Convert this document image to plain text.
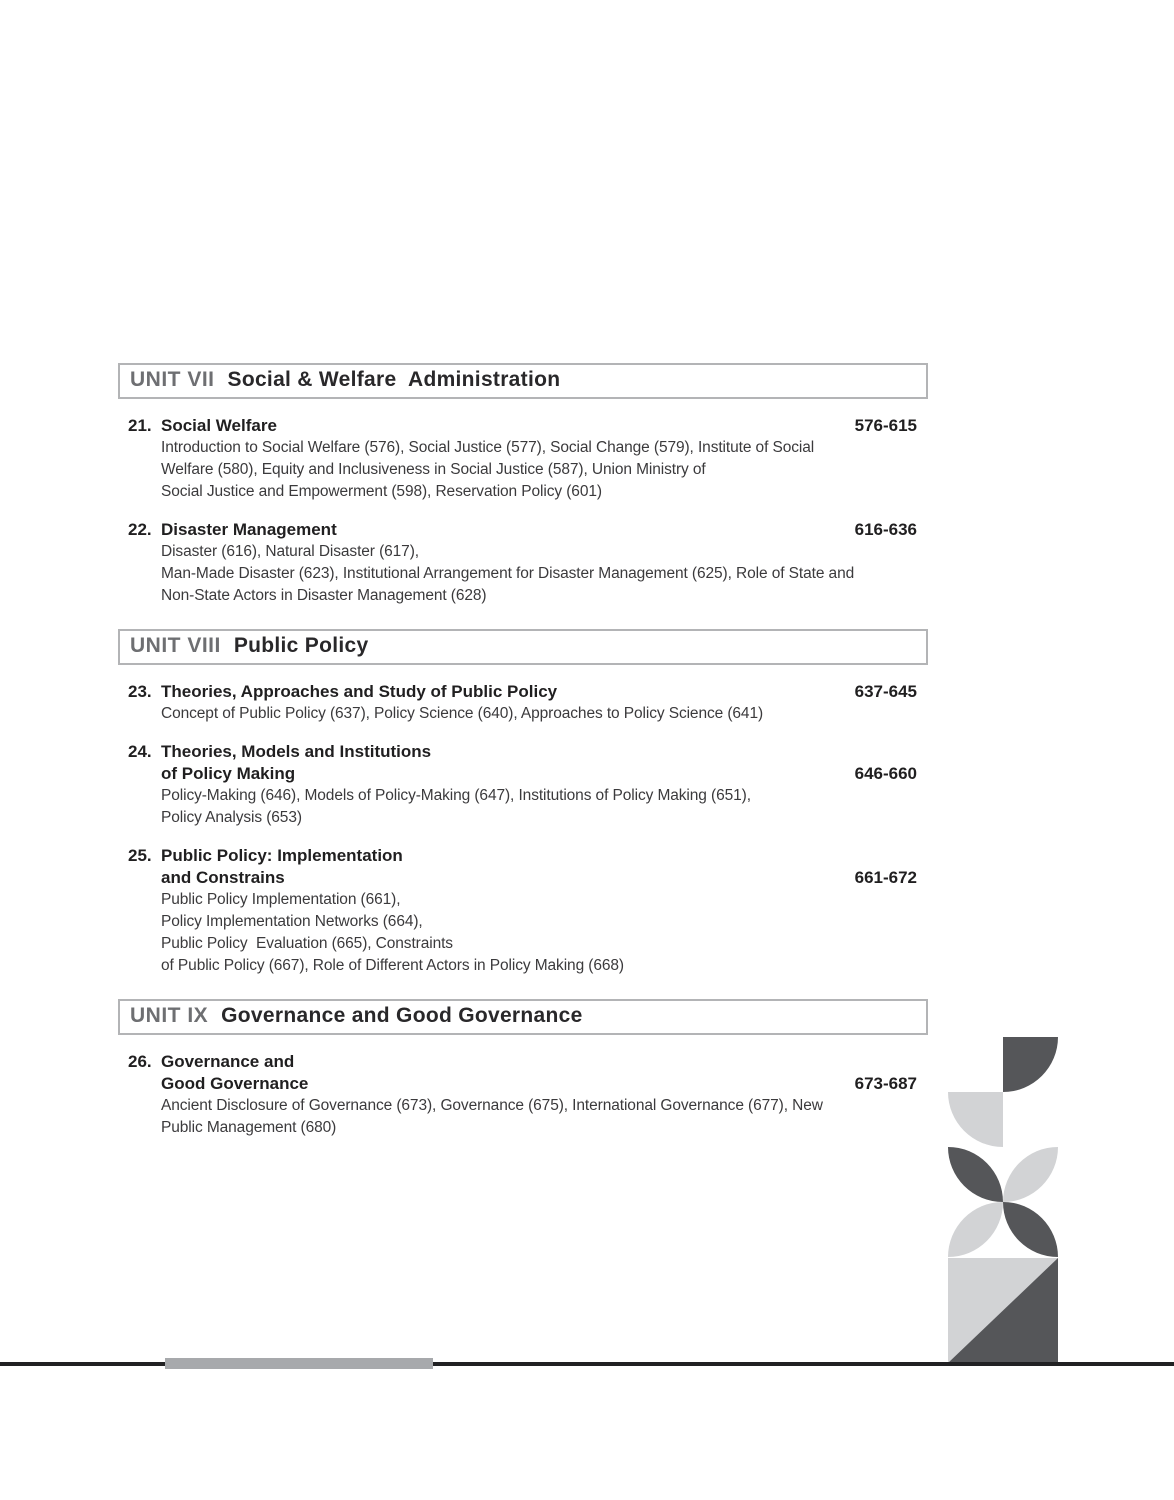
UNIT VII Social & Welfare  Administration
21. Social Welfare	576-615
Introduction to Social Welfare (576), Social Justice (577), Social Change (579), Institute of Social
Welfare (580), Equity and Inclusiveness in Social Justice (587), Union Ministry of
Social Justice and Empowerment (598), Reservation Policy (601)
22. Disaster Management	616-636
Disaster (616), Natural Disaster (617),
Man-Made Disaster (623), Institutional Arrangement for Disaster Management (625), Role of State and
Non-State Actors in Disaster Management (628)
UNIT VIII Public Policy
23. Theories, Approaches and Study of Public Policy	637-645
Concept of Public Policy (637), Policy Science (640), Approaches to Policy Science (641)
24. Theories, Models and Institutions
of Policy Making	646-660
Policy-Making (646), Models of Policy-Making (647), Institutions of Policy Making (651),
Policy Analysis (653)
25. Public Policy: Implementation
and Constrains	661-672
Public Policy Implementation (661),
Policy Implementation Networks (664),
Public Policy  Evaluation (665), Constraints
of Public Policy (667), Role of Different Actors in Policy Making (668)
UNIT IX Governance and Good Governance
26. Governance and
Good Governance	673-687
Ancient Disclosure of Governance (673), Governance (675), International Governance (677), New
Public Management (680)
